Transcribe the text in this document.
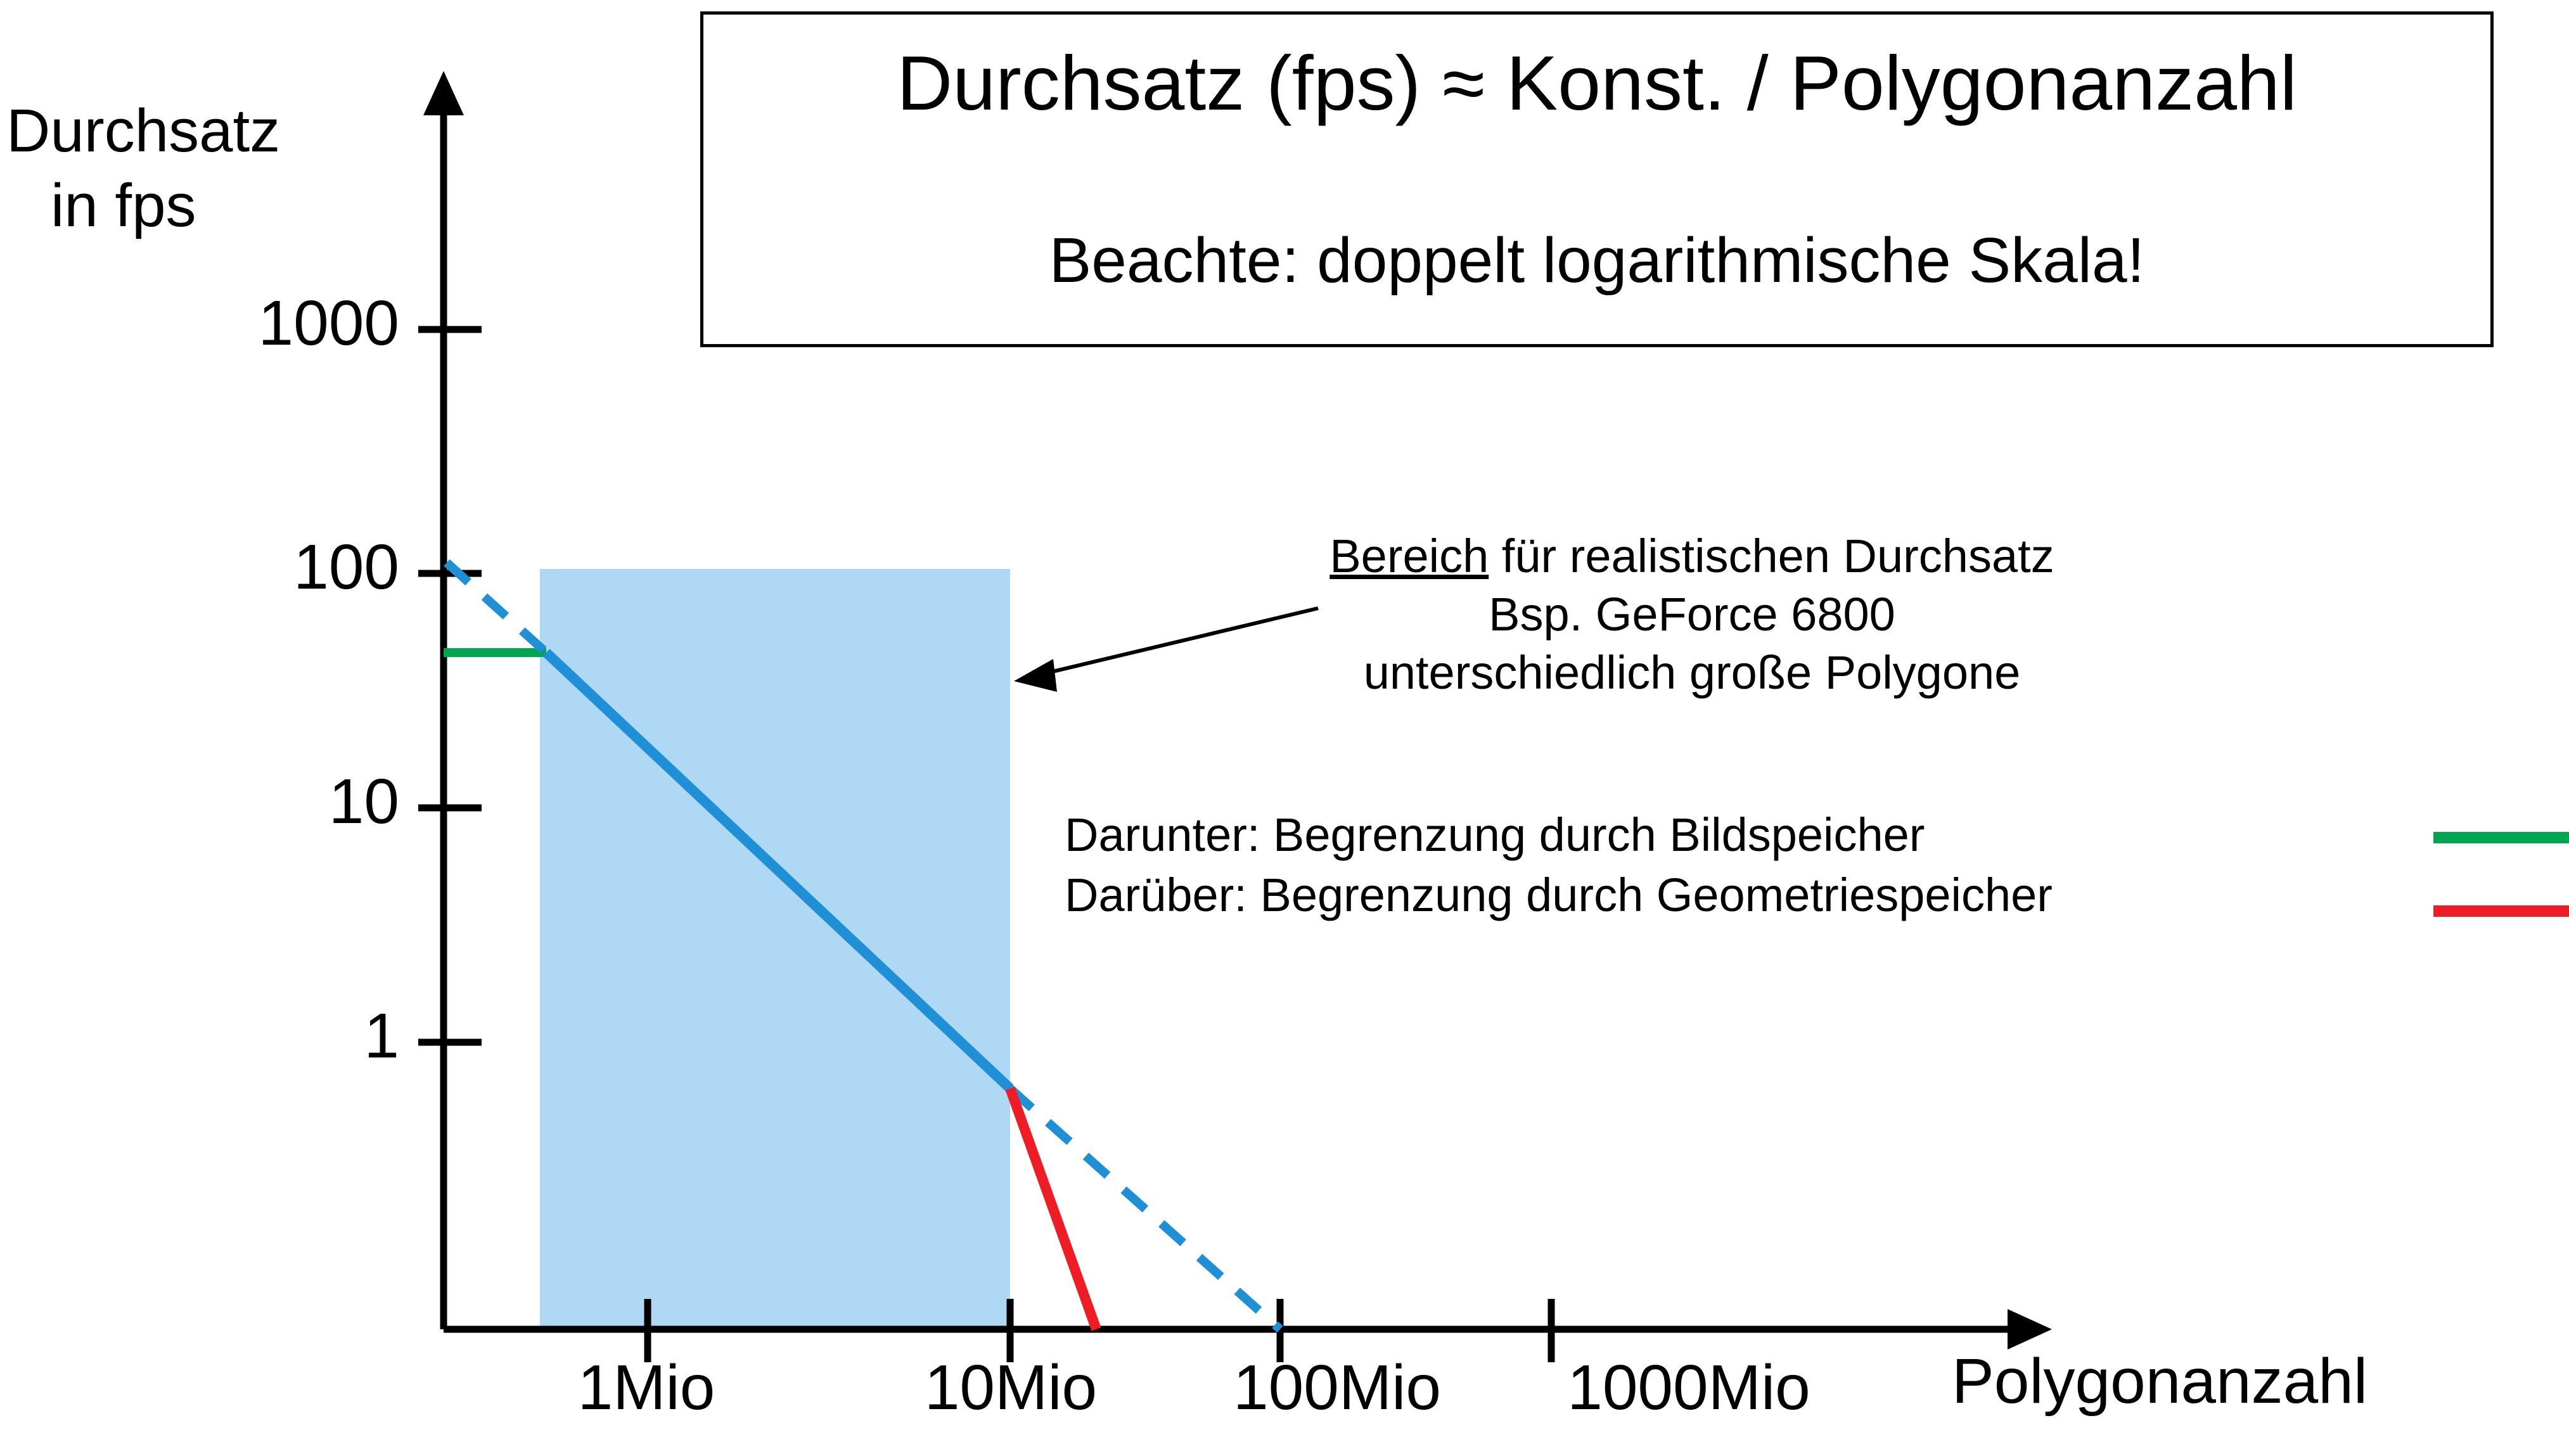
Durchsatz

in fps

Durchsatz (fps) ≈ Konst. / Polygonanzahl
Beachte: doppelt logarithmische Skala!
1000
100
10
1
1Mio	10Mio	100Mio	1000Mio	Polygonanzahl
Bereich für realistischen Durchsatz
Bsp. GeForce 6800
unterschiedlich große Polygone
Darunter: Begrenzung durch Bildspeicher
Darüber: Begrenzung durch Geometriespeicher
